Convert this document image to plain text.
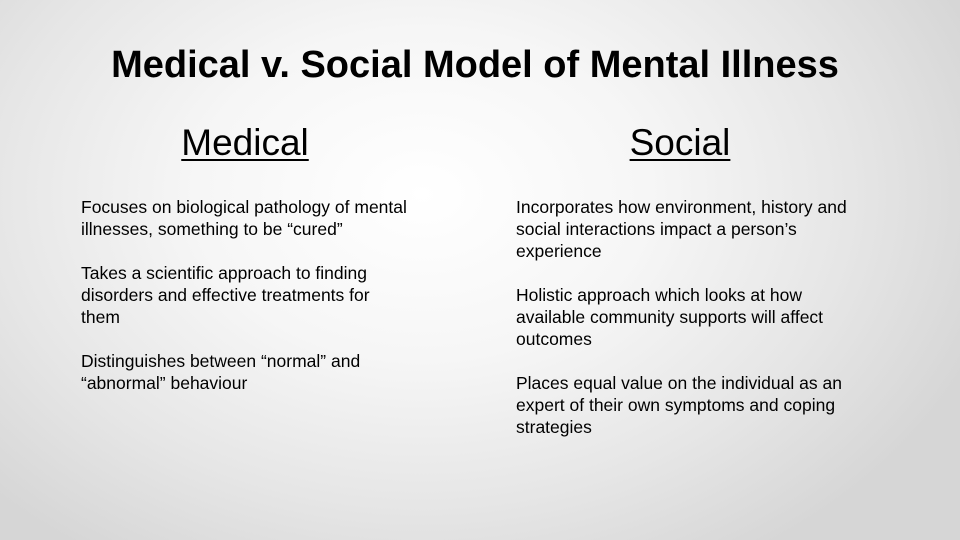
Medical v. Social Model of Mental Illness
Medical	Social
Focuses on biological pathology of mental illnesses, something to be “cured”
Takes a scientific approach to finding disorders and effective treatments for them
Distinguishes between “normal” and “abnormal” behaviour
Incorporates how environment, history and social interactions impact a person’s experience
Holistic approach which looks at how available community supports will affect outcomes
Places equal value on the individual as an expert of their own symptoms and coping strategies
